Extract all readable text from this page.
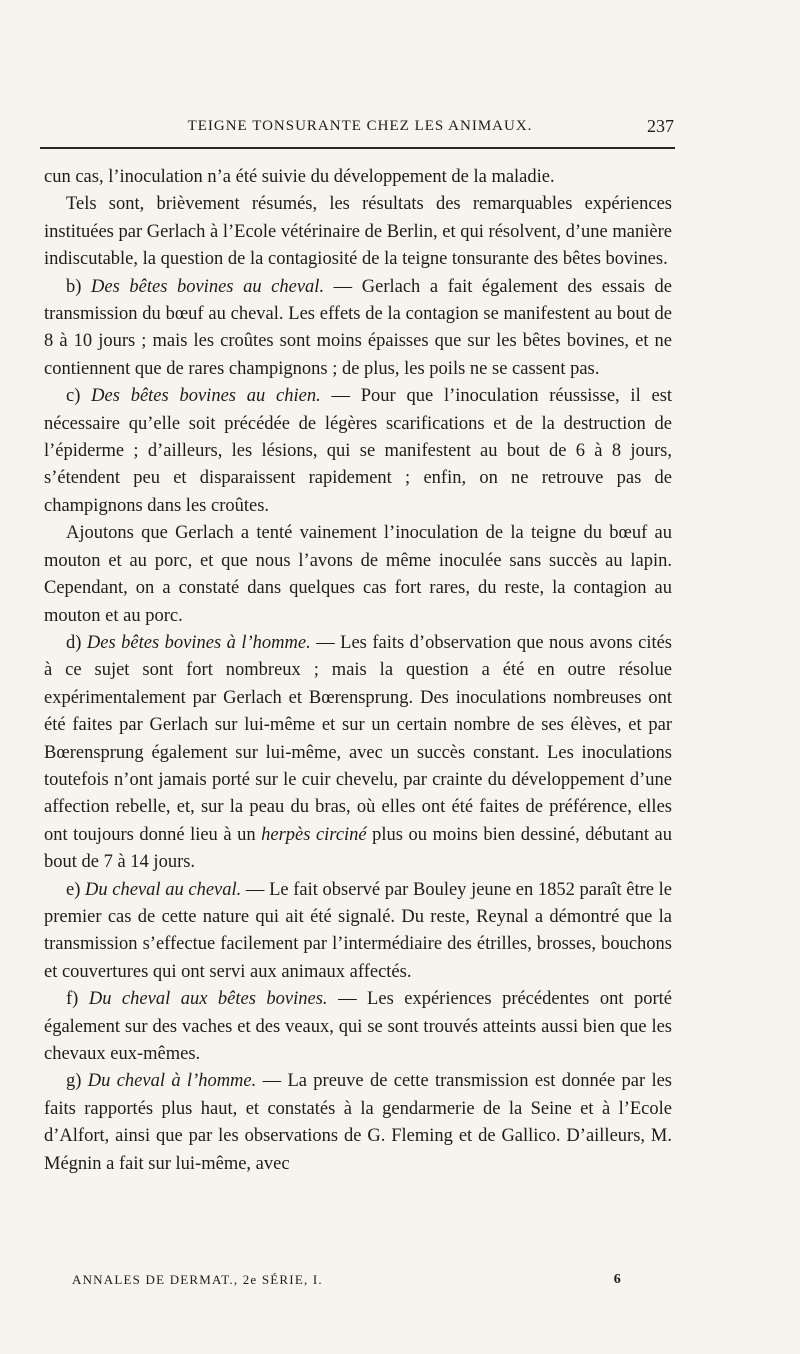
TEIGNE TONSURANTE CHEZ LES ANIMAUX.	237

cun cas, l’inoculation n’a été suivie du développement de la maladie.

Tels sont, brièvement résumés, les résultats des remarquables expériences instituées par Gerlach à l’Ecole vétérinaire de Berlin, et qui résolvent, d’une manière indiscutable, la question de la contagiosité de la teigne tonsurante des bêtes bovines.

b) Des bêtes bovines au cheval. — Gerlach a fait également des essais de transmission du bœuf au cheval. Les effets de la contagion se manifestent au bout de 8 à 10 jours ; mais les croûtes sont moins épaisses que sur les bêtes bovines, et ne contiennent que de rares champignons ; de plus, les poils ne se cassent pas.

c) Des bêtes bovines au chien. — Pour que l’inoculation réussisse, il est nécessaire qu’elle soit précédée de légères scarifications et de la destruction de l’épiderme ; d’ailleurs, les lésions, qui se manifestent au bout de 6 à 8 jours, s’étendent peu et disparaissent rapidement ; enfin, on ne retrouve pas de champignons dans les croûtes.

Ajoutons que Gerlach a tenté vainement l’inoculation de la teigne du bœuf au mouton et au porc, et que nous l’avons de même inoculée sans succès au lapin. Cependant, on a constaté dans quelques cas fort rares, du reste, la contagion au mouton et au porc.

d) Des bêtes bovines à l’homme. — Les faits d’observation que nous avons cités à ce sujet sont fort nombreux ; mais la question a été en outre résolue expérimentalement par Gerlach et Bœrensprung. Des inoculations nombreuses ont été faites par Gerlach sur lui-même et sur un certain nombre de ses élèves, et par Bœrensprung également sur lui-même, avec un succès constant. Les inoculations toutefois n’ont jamais porté sur le cuir chevelu, par crainte du développement d’une affection rebelle, et, sur la peau du bras, où elles ont été faites de préférence, elles ont toujours donné lieu à un herpès circiné plus ou moins bien dessiné, débutant au bout de 7 à 14 jours.

e) Du cheval au cheval. — Le fait observé par Bouley jeune en 1852 paraît être le premier cas de cette nature qui ait été signalé. Du reste, Reynal a démontré que la transmission s’effectue facilement par l’intermédiaire des étrilles, brosses, bouchons et couvertures qui ont servi aux animaux affectés.

f) Du cheval aux bêtes bovines. — Les expériences précédentes ont porté également sur des vaches et des veaux, qui se sont trouvés atteints aussi bien que les chevaux eux-mêmes.

g) Du cheval à l’homme. — La preuve de cette transmission est donnée par les faits rapportés plus haut, et constatés à la gendarmerie de la Seine et à l’Ecole d’Alfort, ainsi que par les observations de G. Fleming et de Gallico. D’ailleurs, M. Mégnin a fait sur lui-même, avec

ANNALES DE DERMAT., 2e SÉRIE, I.	6
